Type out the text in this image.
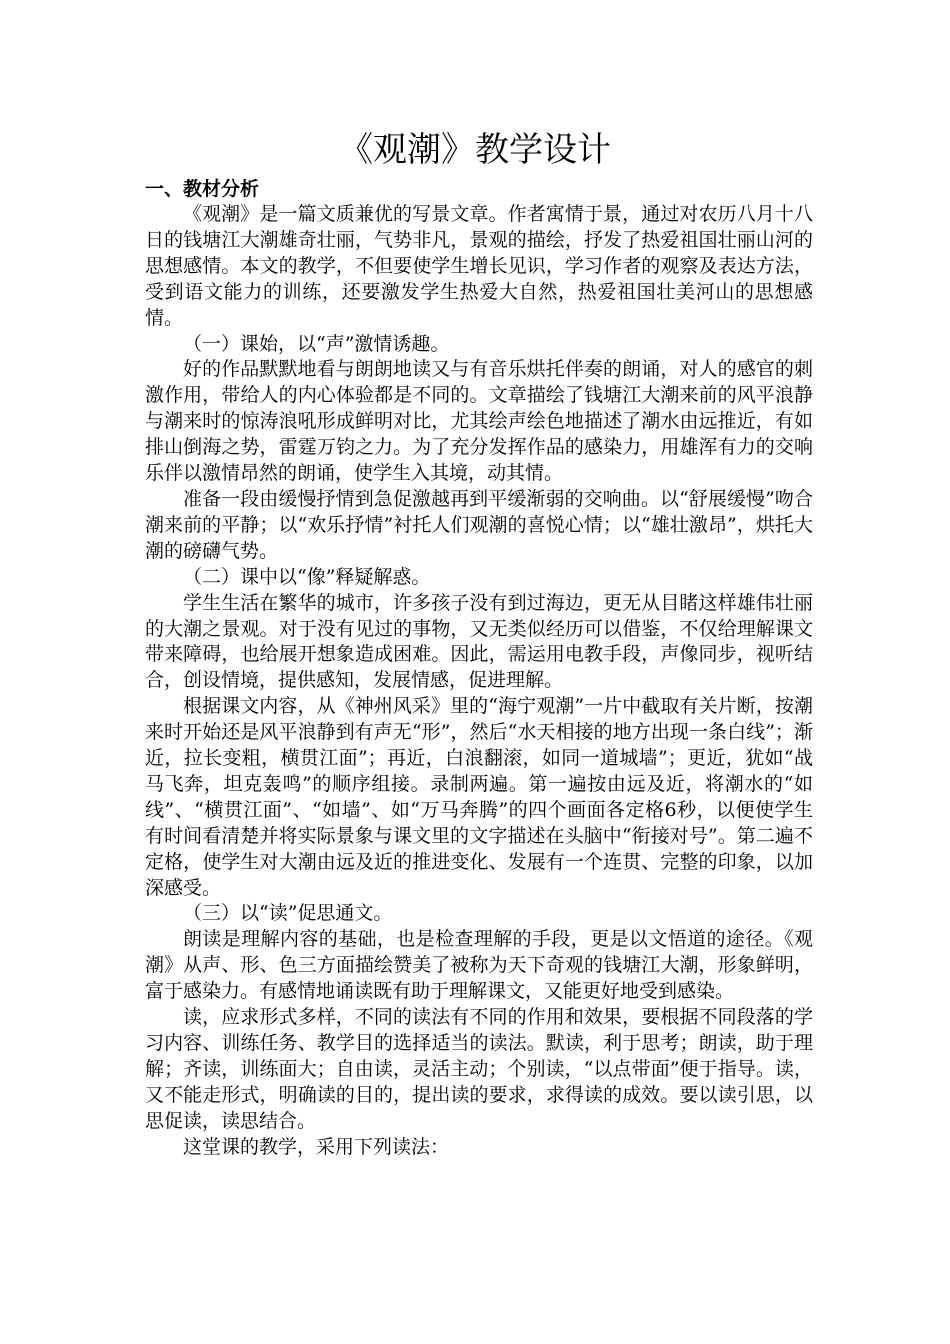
《观潮》教学设计

一、教材分析

《观潮》是一篇文质兼优的写景文章。作者寓情于景，通过对农历八月十八日的钱塘江大潮雄奇壮丽，气势非凡，景观的描绘，抒发了热爱祖国壮丽山河的思想感情。本文的教学，不但要使学生增长见识，学习作者的观察及表达方法，受到语文能力的训练，还要激发学生热爱大自然，热爱祖国壮美河山的思想感情。

（一）课始，以“声”激情诱趣。

好的作品默默地看与朗朗地读又与有音乐烘托伴奏的朗诵，对人的感官的刺激作用，带给人的内心体验都是不同的。文章描绘了钱塘江大潮来前的风平浪静与潮来时的惊涛浪吼形成鲜明对比，尤其绘声绘色地描述了潮水由远推近，有如排山倒海之势，雷霆万钧之力。为了充分发挥作品的感染力，用雄浑有力的交响乐伴以激情昂然的朗诵，使学生入其境，动其情。

准备一段由缓慢抒情到急促激越再到平缓渐弱的交响曲。以“舒展缓慢”吻合潮来前的平静；以“欢乐抒情”衬托人们观潮的喜悦心情；以“雄壮激昂”，烘托大潮的磅礴气势。

（二）课中以“像”释疑解惑。

学生生活在繁华的城市，许多孩子没有到过海边，更无从目睹这样雄伟壮丽的大潮之景观。对于没有见过的事物，又无类似经历可以借鉴，不仅给理解课文带来障碍，也给展开想象造成困难。因此，需运用电教手段，声像同步，视听结合，创设情境，提供感知，发展情感，促进理解。

根据课文内容，从《神州风采》里的“海宁观潮”一片中截取有关片断，按潮来时开始还是风平浪静到有声无“形”，然后“水天相接的地方出现一条白线”；渐近，拉长变粗，横贯江面”；再近，白浪翻滚，如同一道城墙”；更近，犹如“战马飞奔，坦克轰鸣”的顺序组接。录制两遍。第一遍按由远及近，将潮水的“如线”、“横贯江面”、“如墙”、如“万马奔腾”的四个画面各定格6秒，以便使学生有时间看清楚并将实际景象与课文里的文字描述在头脑中“衔接对号”。第二遍不定格，使学生对大潮由远及近的推进变化、发展有一个连贯、完整的印象，以加深感受。

（三）以“读”促思通文。

朗读是理解内容的基础，也是检查理解的手段，更是以文悟道的途径。《观潮》从声、形、色三方面描绘赞美了被称为天下奇观的钱塘江大潮，形象鲜明，富于感染力。有感情地诵读既有助于理解课文，又能更好地受到感染。

读，应求形式多样，不同的读法有不同的作用和效果，要根据不同段落的学习内容、训练任务、教学目的选择适当的读法。默读，利于思考；朗读，助于理解；齐读，训练面大；自由读，灵活主动；个别读，“以点带面”便于指导。读，又不能走形式，明确读的目的，提出读的要求，求得读的成效。要以读引思，以思促读，读思结合。

这堂课的教学，采用下列读法：
